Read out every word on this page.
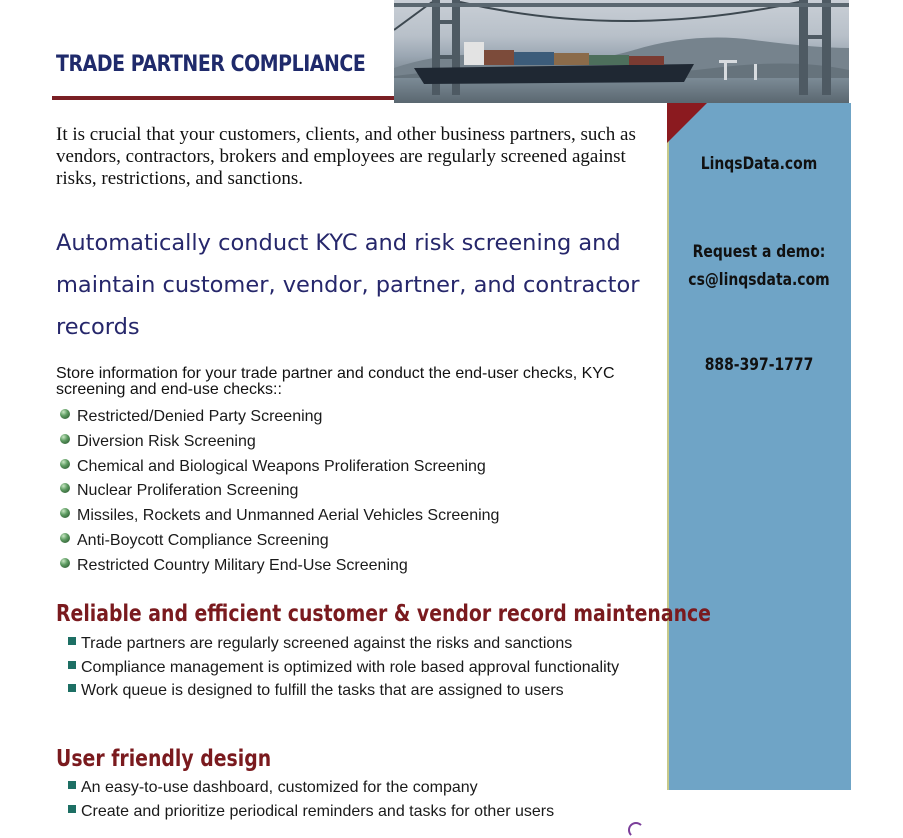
TRADE PARTNER COMPLIANCE
LinqsData.com
Request a demo:
cs@linqsdata.com
888-397-1777

It is crucial that your customers, clients, and other business partners, such as vendors, contractors, brokers and employees are regularly screened against risks, restrictions, and sanctions.

Automatically conduct KYC and risk screening and maintain customer, vendor, partner, and contractor records

Store information for your trade partner and conduct the end-user checks, KYC screening and end-use checks::

Restricted/Denied Party Screening
Diversion Risk Screening
Chemical and Biological Weapons Proliferation Screening
Nuclear Proliferation Screening
Missiles, Rockets and Unmanned Aerial Vehicles Screening
Anti-Boycott Compliance Screening
Restricted Country Military End-Use Screening
Reliable and efficient customer & vendor record maintenance
Trade partners are regularly screened against the risks and sanctions
Compliance management is optimized with role based approval functionality
Work queue is designed to fulfill the tasks that are assigned to users
User friendly design
An easy-to-use dashboard, customized for the company
Create and prioritize periodical reminders and tasks for other users
